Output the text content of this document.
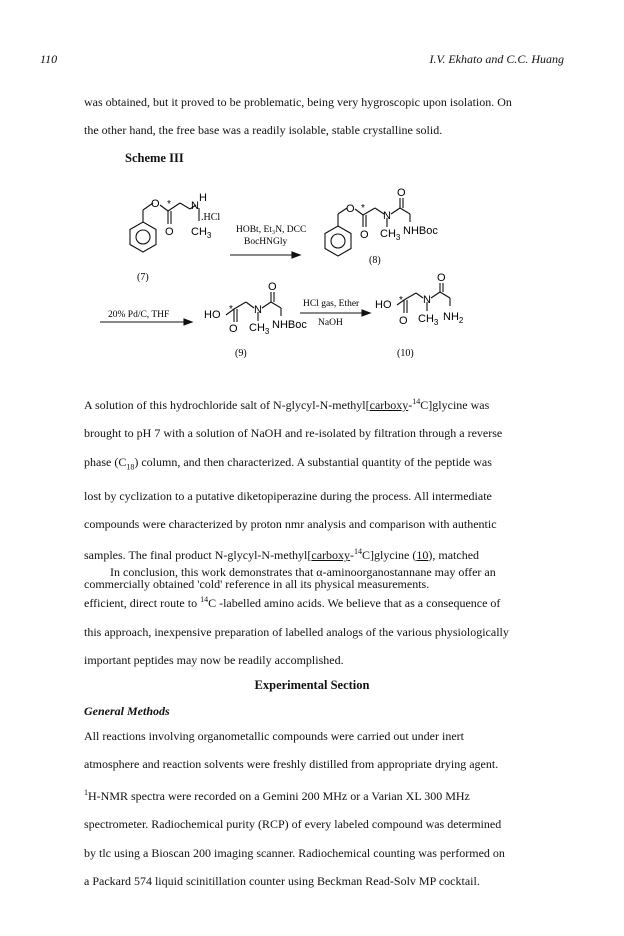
110	I.V. Ekhato and C.C. Huang

was obtained, but it proved to be problematic, being very hygroscopic upon isolation. On
the other hand, the free base was a readily isolable, stable crystalline solid.

Scheme III
O *
O
N
H
.HCl
$CH_3$
(7)
HOBt, Et₃N, DCC
BocHNGly
O *
O
N
O
$CH_3$
NHBoc
(8)
20% Pd/C, THF	HO *
O
N
O
$CH_3$
NHBoc
(9)
HCl gas, Ether
NaOH
HO *
O
N
O
$CH_3$ $NH_2$
(10)

A solution of this hydrochloride salt of N-glycyl-N-methyl[carboxy-$^{14}$C]glycine was
brought to pH 7 with a solution of NaOH and re-isolated by filtration through a reverse
phase $(C_{18})$ column, and then characterized. A substantial quantity of the peptide was
lost by cyclization to a putative diketopiperazine during the process. All intermediate
compounds were characterized by proton nmr analysis and comparison with authentic
samples. The final product N-glycyl-N-methyl[carboxy-$^{14}$C]glycine (10), matched
commercially obtained 'cold' reference in all its physical measurements.

In conclusion, this work demonstrates that α-aminoorganostannane may offer an
efficient, direct route to $^{14}$C -labelled amino acids. We believe that as a consequence of
this approach, inexpensive preparation of labelled analogs of the various physiologically
important peptides may now be readily accomplished.

Experimental Section
General Methods

All reactions involving organometallic compounds were carried out under inert
atmosphere and reaction solvents were freshly distilled from appropriate drying agent.
$^1$H-NMR spectra were recorded on a Gemini 200 MHz or a Varian XL 300 MHz
spectrometer. Radiochemical purity (RCP) of every labeled compound was determined
by tlc using a Bioscan 200 imaging scanner. Radiochemical counting was performed on
a Packard 574 liquid scinitillation counter using Beckman Read-Solv MP cocktail.
